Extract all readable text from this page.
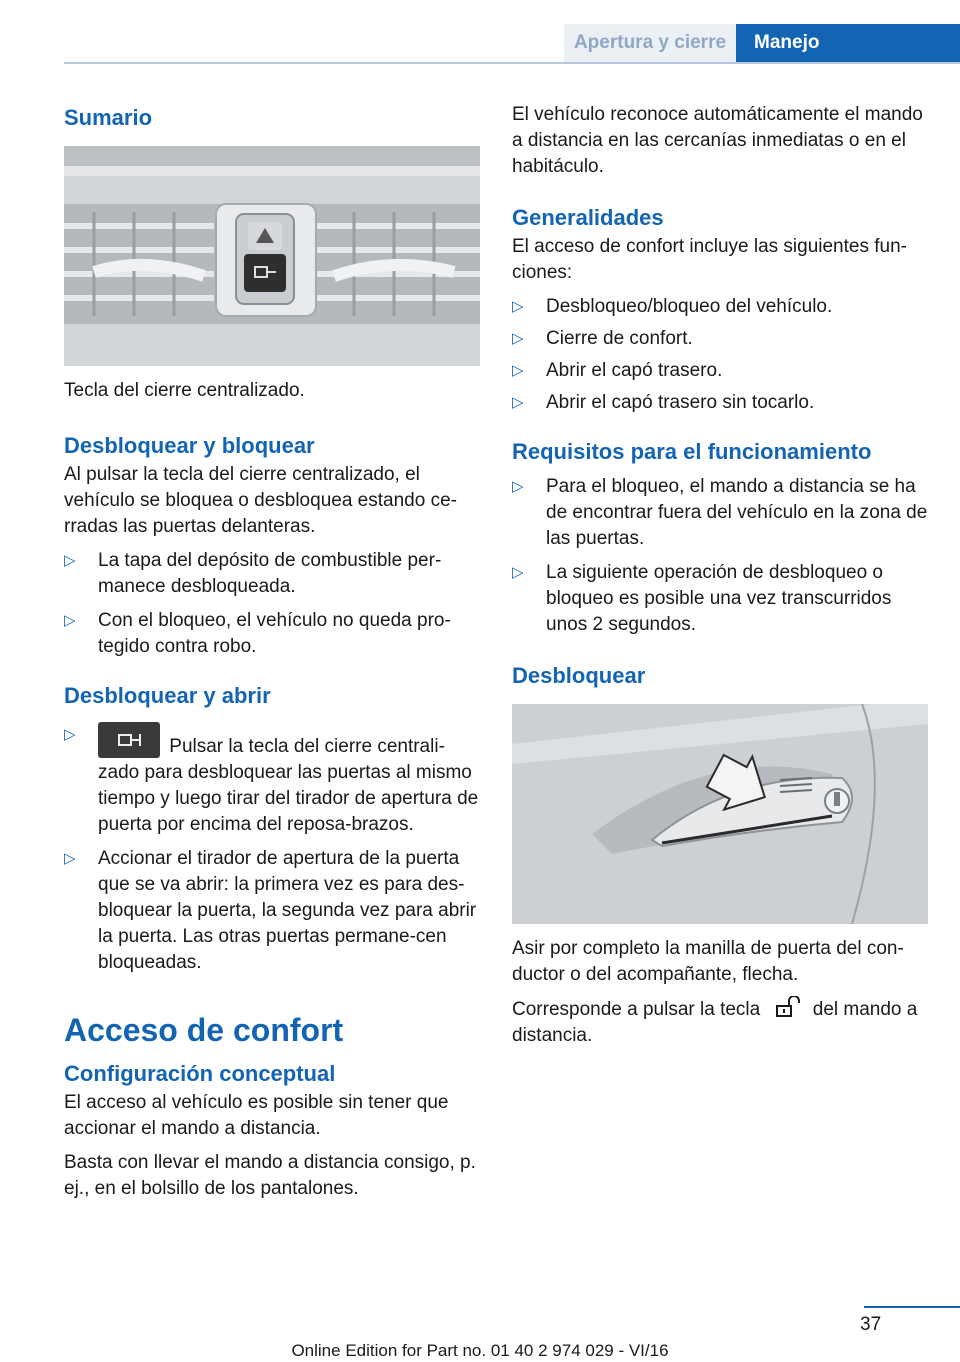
Apertura y cierre	Manejo
Sumario

Tecla del cierre centralizado.

Desbloquear y bloquear

Al pulsar la tecla del cierre centralizado, el vehículo se bloquea o desbloquea estando ce-rradas las puertas delanteras.

▷ La tapa del depósito de combustible per-manece desbloqueada.
▷ Con el bloqueo, el vehículo no queda pro-tegido contra robo.
Desbloquear y abrir
▷
Pulsar la tecla del cierre centrali-zado para desbloquear las puertas al mismo tiempo y luego tirar del tirador de apertura de puerta por encima del reposa-brazos.
▷ Accionar el tirador de apertura de la puerta que se va abrir: la primera vez es para des-bloquear la puerta, la segunda vez para abrir la puerta. Las otras puertas permane-cen bloqueadas.
Acceso de confort
Configuración conceptual

El acceso al vehículo es posible sin tener que accionar el mando a distancia.

Basta con llevar el mando a distancia consigo, p. ej., en el bolsillo de los pantalones.

El vehículo reconoce automáticamente el mando a distancia en las cercanías inmediatas o en el habitáculo.

Generalidades

El acceso de confort incluye las siguientes fun-ciones:

▷ Desbloqueo/bloqueo del vehículo.
▷ Cierre de confort.
▷ Abrir el capó trasero.
▷ Abrir el capó trasero sin tocarlo.
Requisitos para el funcionamiento
▷ Para el bloqueo, el mando a distancia se ha de encontrar fuera del vehículo en la zona de las puertas.
▷ La siguiente operación de desbloqueo o bloqueo es posible una vez transcurridos unos 2 segundos.
Desbloquear

Asir por completo la manilla de puerta del con-ductor o del acompañante, flecha.

Corresponde a pulsar la tecla	del mando a distancia.

37
Online Edition for Part no. 01 40 2 974 029 - VI/16
